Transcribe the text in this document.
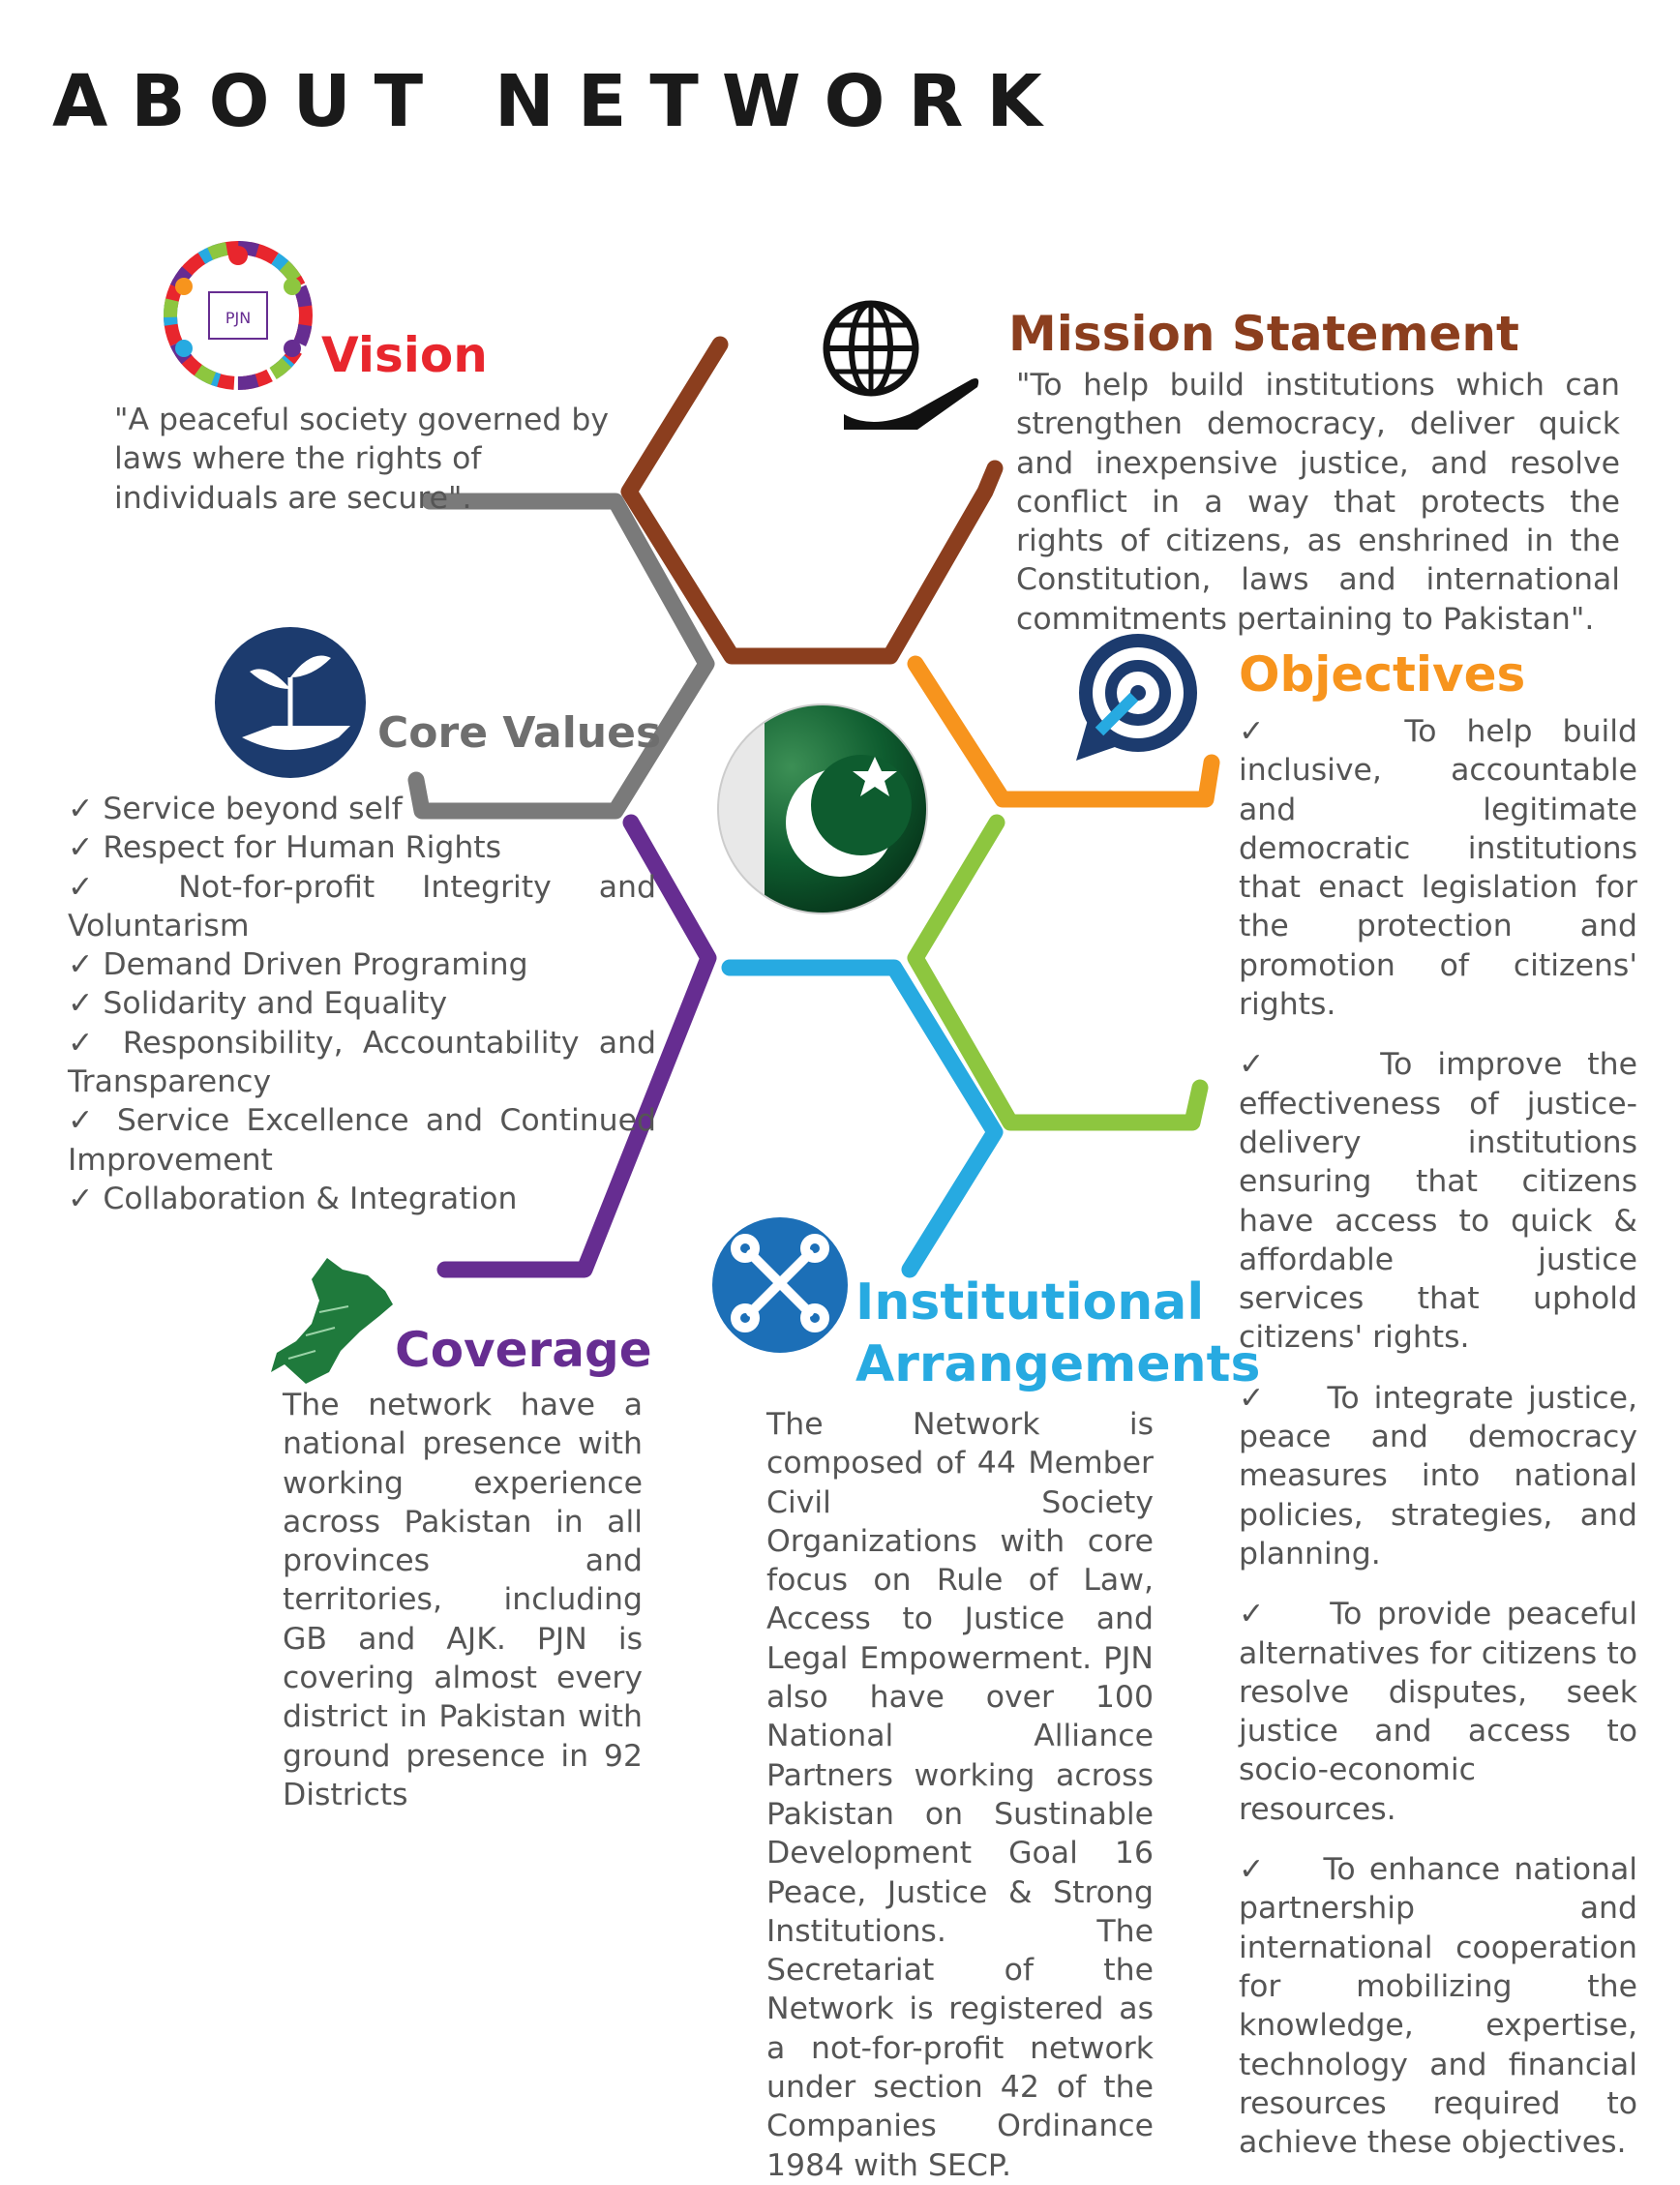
PJN
ABOUT NETWORK
Vision
"A peaceful society governed by laws where the rights of individuals are secure".
Mission Statement
"To help build institutions which can strengthen democracy, deliver quick and inexpensive justice, and resolve conflict in a way that protects the rights of citizens, as enshrined in the Constitution, laws and international commitments pertaining to Pakistan".
Core Values
✓ Service beyond self
✓ Respect for Human Rights
✓ Not-for-profit Integrity and Voluntarism
✓ Demand Driven Programing
✓ Solidarity and Equality
✓ Responsibility, Accountability and Transparency
✓ Service Excellence and Continued Improvement
✓ Collaboration & Integration
Objectives
✓    To help build inclusive, accountable and legitimate democratic institutions that enact legislation for the protection and promotion of citizens' rights.
✓    To improve the effectiveness of justice-delivery institutions ensuring that citizens have access to quick & affordable justice services that uphold citizens' rights.
✓    To integrate justice, peace and democracy measures into national policies, strategies, and planning.
✓    To provide peaceful alternatives for citizens to resolve disputes, seek justice and access to socio-economic resources.
✓    To enhance national partnership and international cooperation for mobilizing the knowledge, expertise, technology and financial resources required to achieve these objectives.
Institutional
Arrangements
The Network is composed of 44 Member Civil Society Organizations with core focus on Rule of Law, Access to Justice and Legal Empowerment. PJN also have over 100 National Alliance Partners working across Pakistan on Sustinable Development Goal 16 Peace, Justice & Strong Institutions. The Secretariat of the Network is registered as a not-for-profit network under section 42 of the Companies Ordinance 1984 with SECP.
Coverage
The network have a national presence with working experience across Pakistan in all provinces and territories, including GB and AJK. PJN is covering almost every district in Pakistan with ground presence in 92 Districts
